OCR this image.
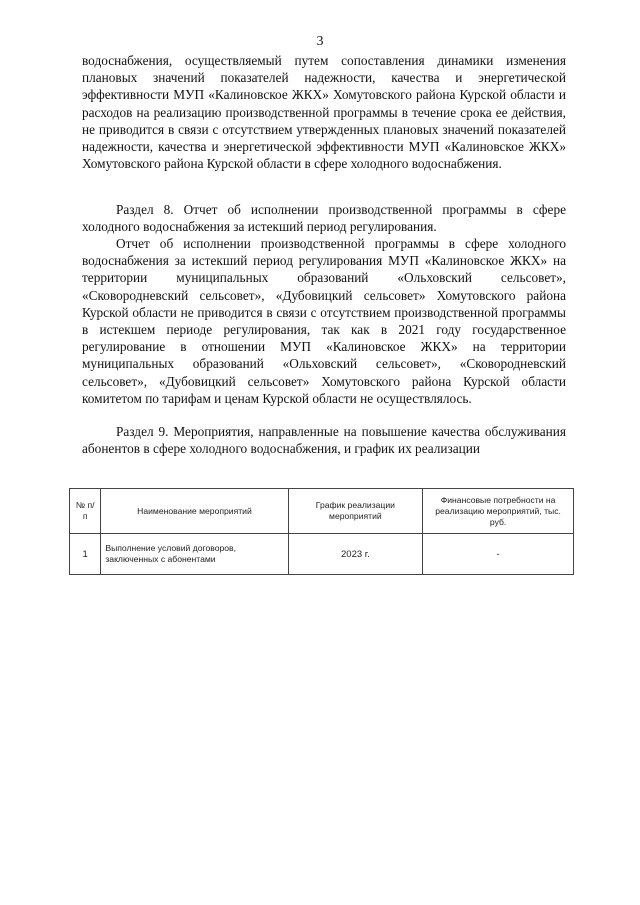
3

водоснабжения, осуществляемый путем сопоставления динамики изменения плановых значений показателей надежности, качества и энергетической эффективности МУП «Калиновское ЖКХ» Хомутовского района Курской области и расходов на реализацию производственной программы в течение срока ее действия, не приводится в связи с отсутствием утвержденных плановых значений показателей надежности, качества и энергетической эффективности МУП «Калиновское ЖКХ» Хомутовского района Курской области в сфере холодного водоснабжения.

Раздел 8. Отчет об исполнении производственной программы в сфере холодного водоснабжения за истекший период регулирования.

Отчет об исполнении производственной программы в сфере холодного водоснабжения за истекший период регулирования МУП «Калиновское ЖКХ» на территории муниципальных образований «Ольховский сельсовет», «Сковородневский сельсовет», «Дубовицкий сельсовет» Хомутовского района Курской области не приводится в связи с отсутствием производственной программы в истекшем периоде регулирования, так как в 2021 году государственное регулирование в отношении МУП «Калиновское ЖКХ» на территории муниципальных образований «Ольховский сельсовет», «Сковородневский сельсовет», «Дубовицкий сельсовет» Хомутовского района Курской области комитетом по тарифам и ценам Курской области не осуществлялось.

Раздел 9. Мероприятия, направленные на повышение качества обслуживания абонентов в сфере холодного водоснабжения, и график их реализации

№ п/п	Наименование мероприятий	График реализации мероприятий	Финансовые потребности на реализацию мероприятий, тыс. руб.
1	Выполнение условий договоров, заключенных с абонентами	2023 г.	-
